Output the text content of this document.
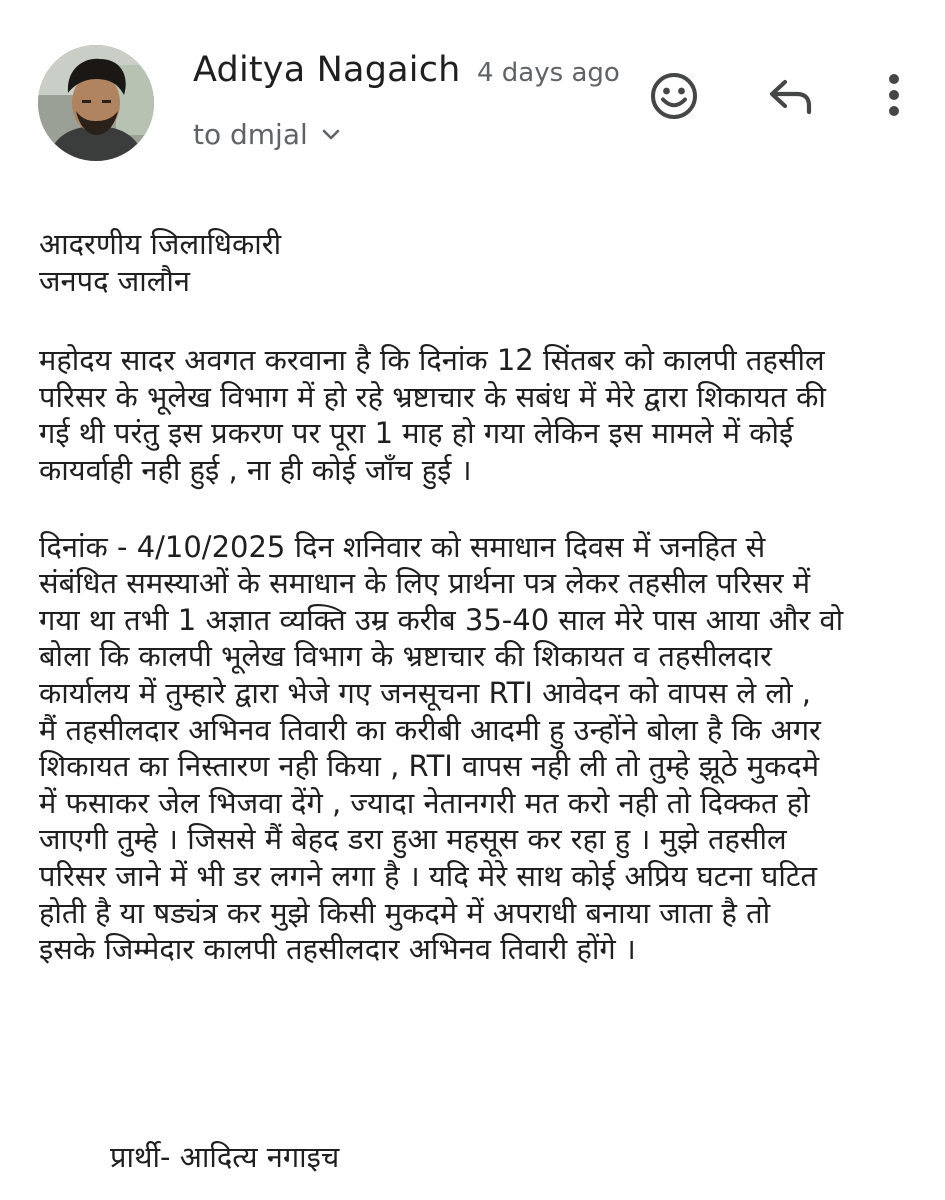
Aditya Nagaich 4 days ago
to dmjal
आदरणीय जिलाधिकारी
जनपद जालौन
महोदय सादर अवगत करवाना है कि दिनांक 12 सिंतबर को कालपी तहसील
परिसर के भूलेख विभाग में हो रहे भ्रष्टाचार के सबंध में मेरे द्वारा शिकायत की
गई थी परंतु इस प्रकरण पर पूरा 1 माह हो गया लेकिन इस मामले में कोई
कायर्वाही नही हुई , ना ही कोई जाँच हुई ।
दिनांक - 4/10/2025 दिन शनिवार को समाधान दिवस में जनहित से
संबंधित समस्याओं के समाधान के लिए प्रार्थना पत्र लेकर तहसील परिसर में
गया था तभी 1 अज्ञात व्यक्ति उम्र करीब 35-40 साल मेरे पास आया और वो
बोला कि कालपी भूलेख विभाग के भ्रष्टाचार की शिकायत व तहसीलदार
कार्यालय में तुम्हारे द्वारा भेजे गए जनसूचना RTI आवेदन को वापस ले लो ,
मैं तहसीलदार अभिनव तिवारी का करीबी आदमी हु उन्होंने बोला है कि अगर
शिकायत का निस्तारण नही किया , RTI वापस नही ली तो तुम्हे झूठे मुकदमे
में फसाकर जेल भिजवा देंगे , ज्यादा नेतानगरी मत करो नही तो दिक्कत हो
जाएगी तुम्हे । जिससे मैं बेहद डरा हुआ महसूस कर रहा हु । मुझे तहसील
परिसर जाने में भी डर लगने लगा है । यदि मेरे साथ कोई अप्रिय घटना घटित
होती है या षड्यंत्र कर मुझे किसी मुकदमे में अपराधी बनाया जाता है तो
इसके जिम्मेदार कालपी तहसीलदार अभिनव तिवारी होंगे ।
प्रार्थी- आदित्य नगाइच
